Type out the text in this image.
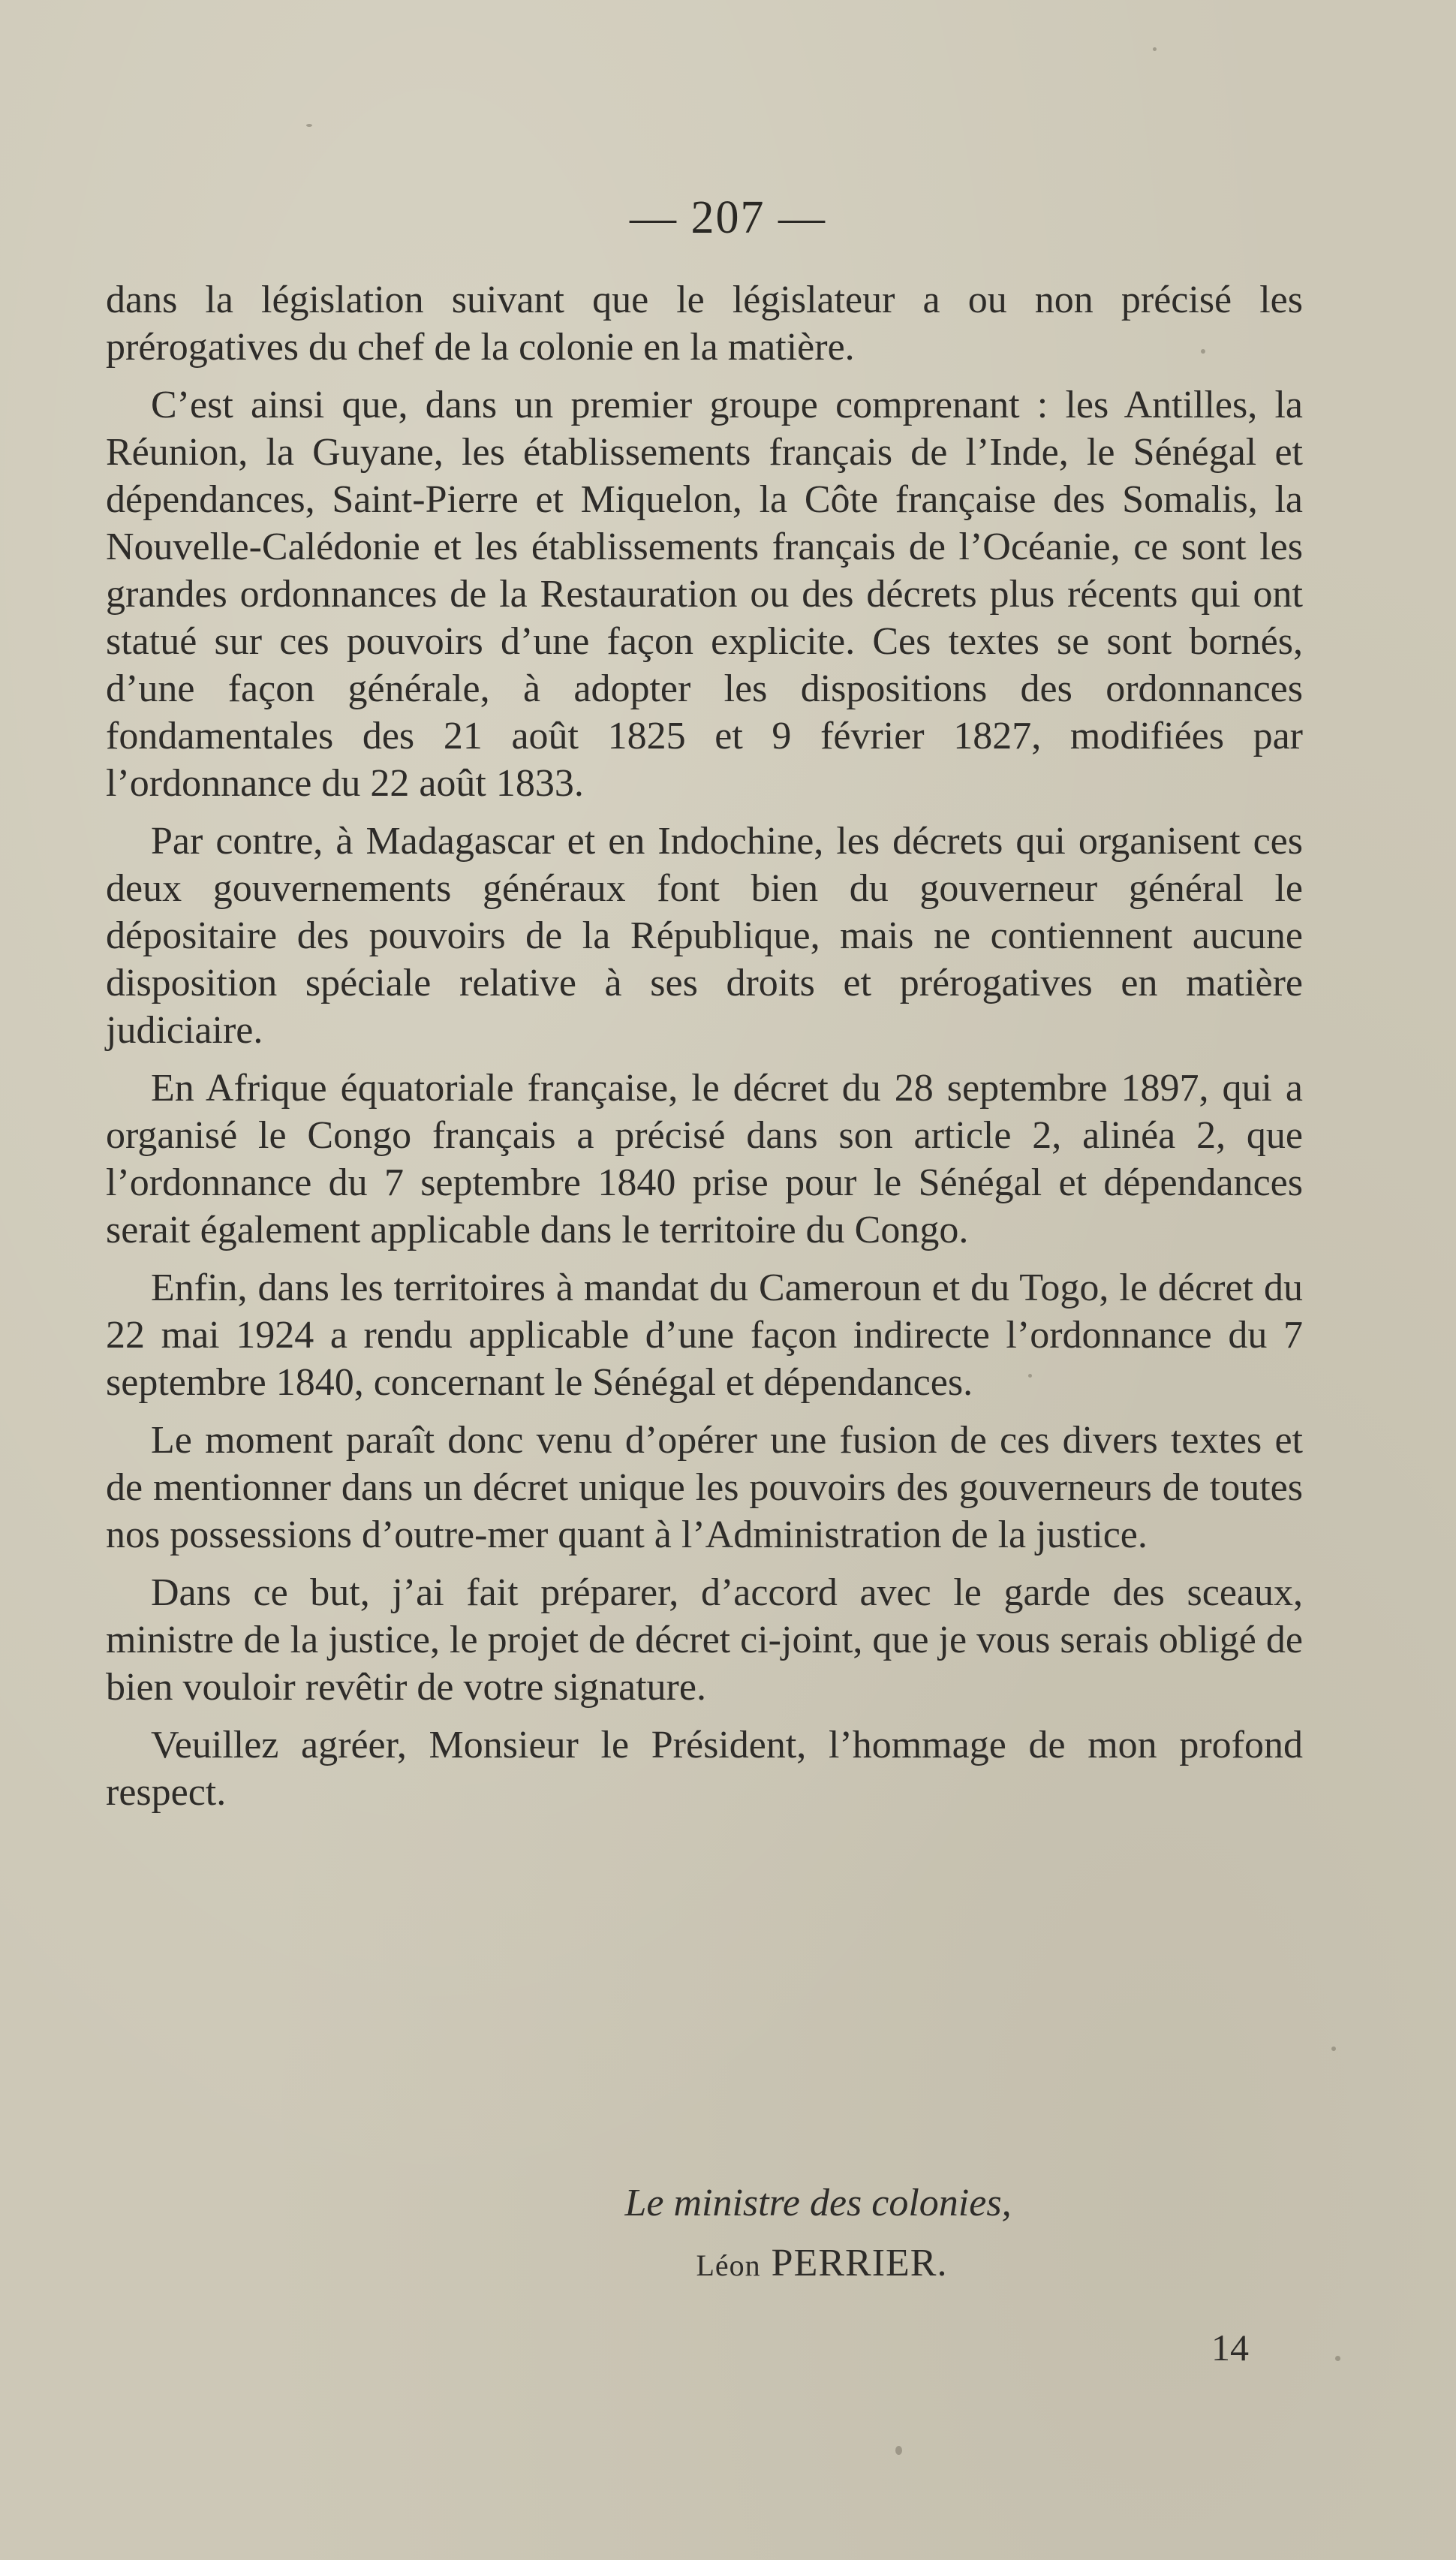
— 207 —

dans la législation suivant que le législateur a ou non précisé les prérogatives du chef de la colonie en la matière.

C’est ainsi que, dans un premier groupe comprenant : les Antilles, la Réunion, la Guyane, les établissements français de l’Inde, le Sénégal et dépendances, Saint-Pierre et Miquelon, la Côte française des Somalis, la Nouvelle-Calédonie et les établissements français de l’Océanie, ce sont les grandes ordonnances de la Restauration ou des décrets plus récents qui ont statué sur ces pouvoirs d’une façon explicite. Ces textes se sont bornés, d’une façon générale, à adopter les dispositions des ordonnances fondamentales des 21 août 1825 et 9 février 1827, modifiées par l’ordonnance du 22 août 1833.

Par contre, à Madagascar et en Indochine, les décrets qui organisent ces deux gouvernements généraux font bien du gouverneur général le dépositaire des pouvoirs de la République, mais ne contiennent aucune disposition spéciale relative à ses droits et prérogatives en matière judiciaire.

En Afrique équatoriale française, le décret du 28 septembre 1897, qui a organisé le Congo français a précisé dans son article 2, alinéa 2, que l’ordonnance du 7 septembre 1840 prise pour le Sénégal et dépendances serait également applicable dans le territoire du Congo.

Enfin, dans les territoires à mandat du Cameroun et du Togo, le décret du 22 mai 1924 a rendu applicable d’une façon indirecte l’ordonnance du 7 septembre 1840, concernant le Sénégal et dépendances.

Le moment paraît donc venu d’opérer une fusion de ces divers textes et de mentionner dans un décret unique les pouvoirs des gouverneurs de toutes nos possessions d’outre-mer quant à l’Administration de la justice.

Dans ce but, j’ai fait préparer, d’accord avec le garde des sceaux, ministre de la justice, le projet de décret ci-joint, que je vous serais obligé de bien vouloir revêtir de votre signature.

Veuillez agréer, Monsieur le Président, l’hommage de mon profond respect.

Le ministre des colonies,
Léon PERRIER.
14
